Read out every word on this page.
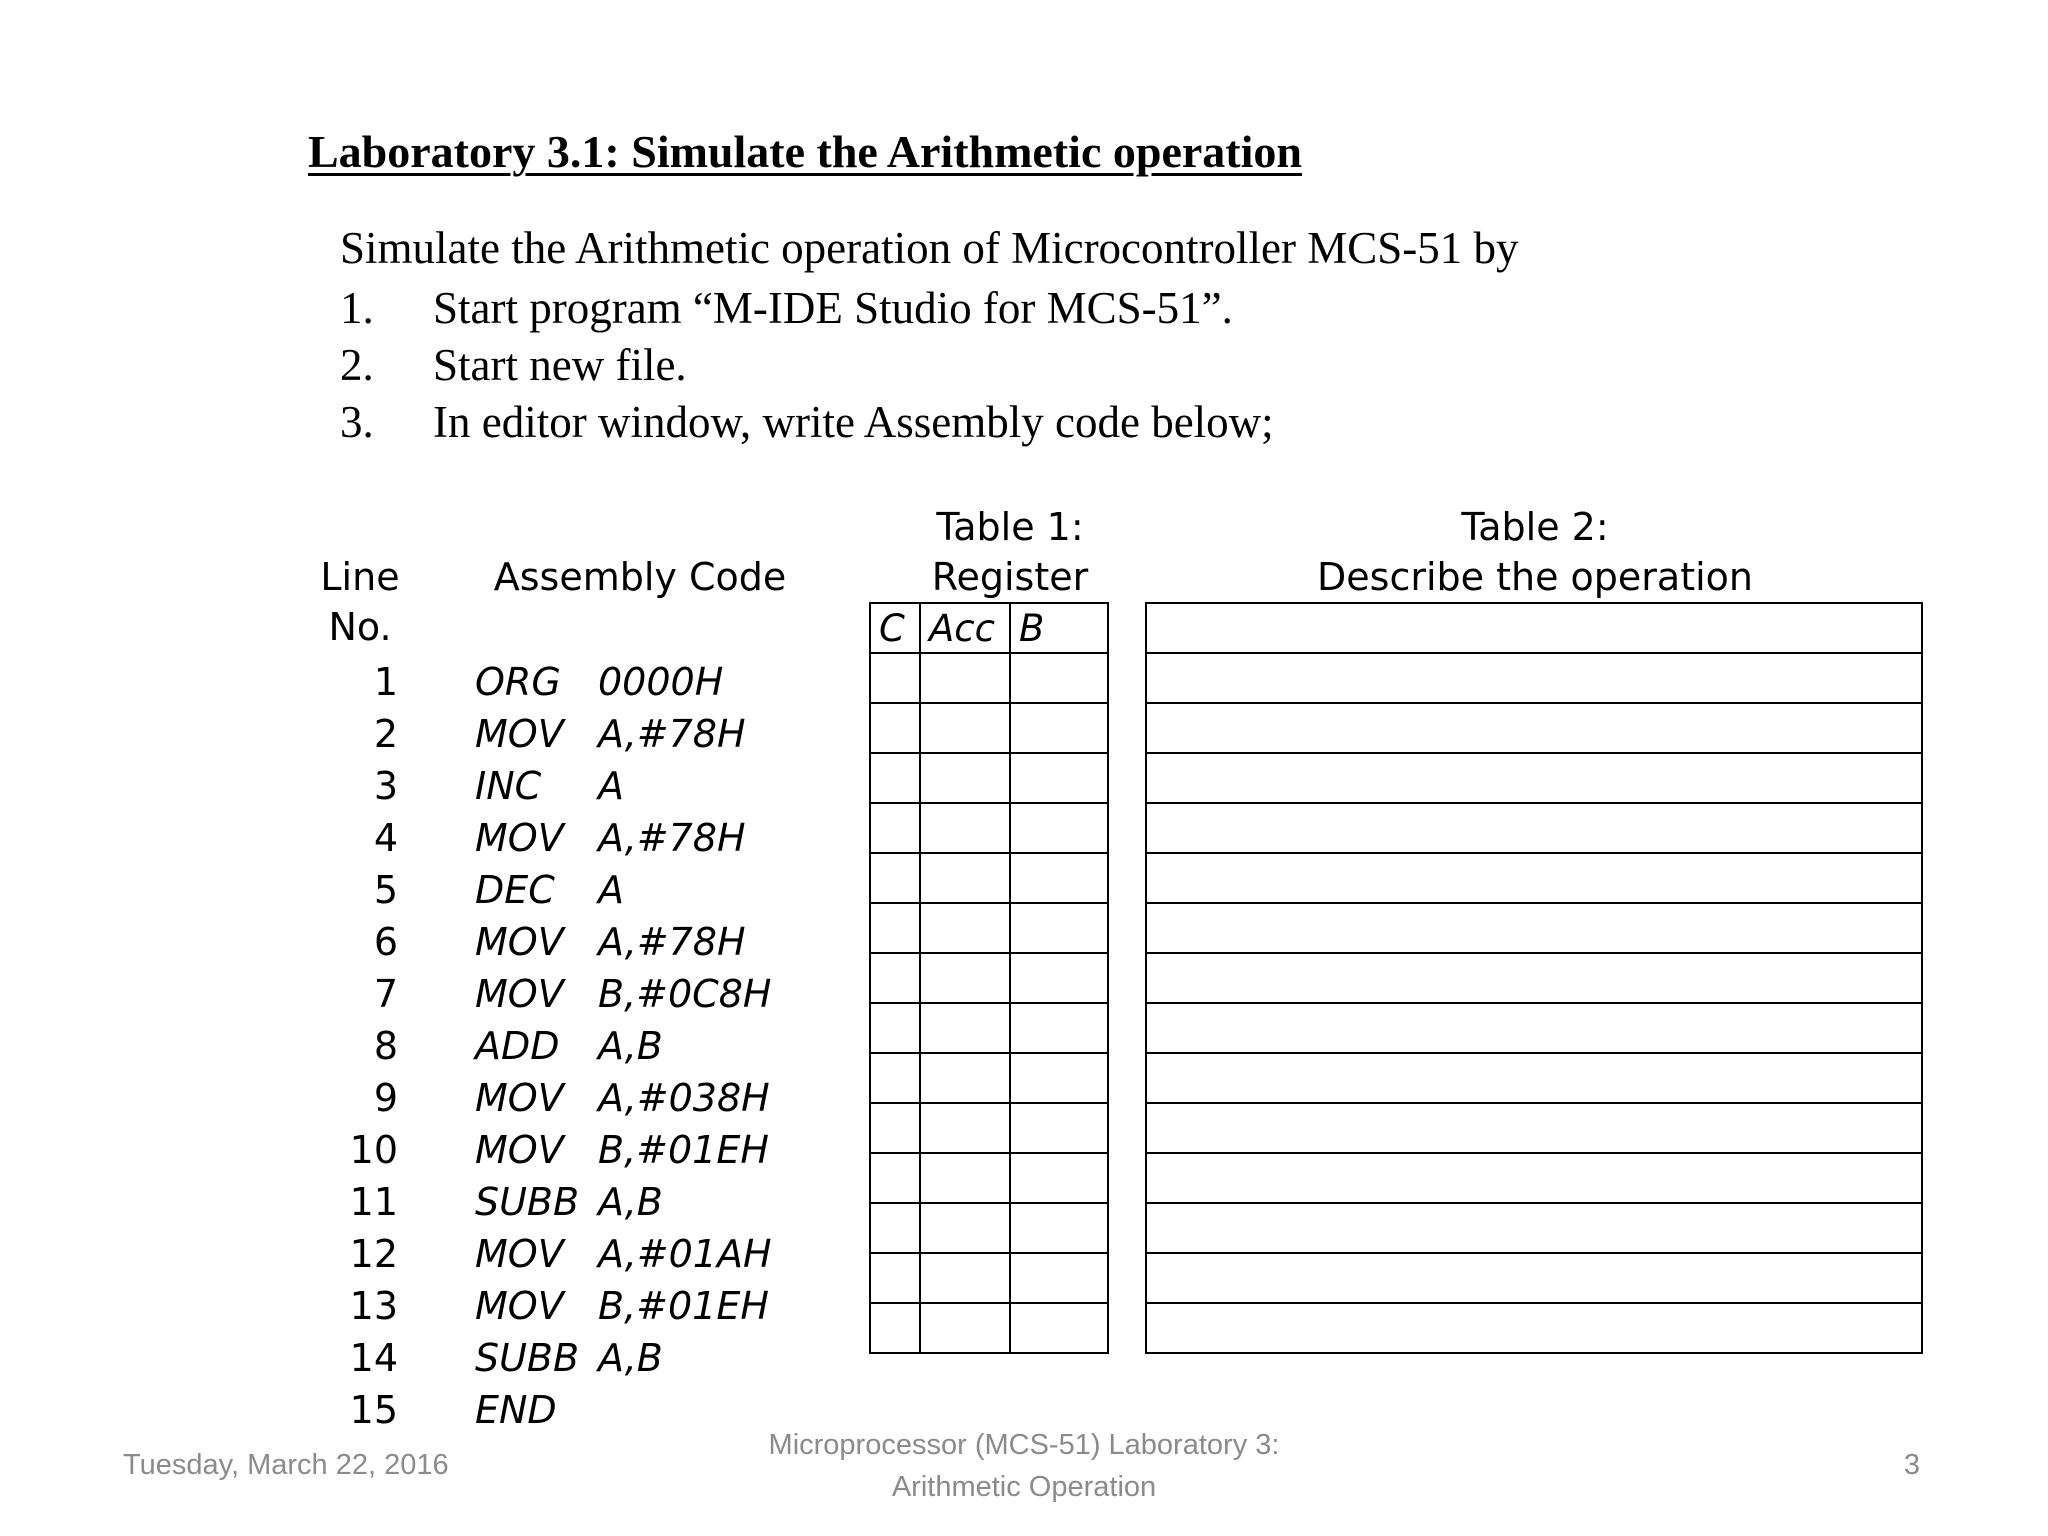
Laboratory 3.1: Simulate the Arithmetic operation
Simulate the Arithmetic operation of Microcontroller MCS-51 by
1. Start program “M-IDE Studio for MCS-51”.
2. Start new file.
3. In editor window, write Assembly code below;
Line
No.
Assembly Code
Table 1:
Register
Table 2:
Describe the operation
1 ORG 0000H
2 MOV A,#78H
3 INC A
4 MOV A,#78H
5 DEC A
6 MOV A,#78H
7 MOV B,#0C8H
8 ADD A,B
9 MOV A,#038H
10 MOV B,#01EH
11 SUBB A,B
12 MOV A,#01AH
13 MOV B,#01EH
14 SUBB A,B
15 END
C	Acc	B

Tuesday, March 22, 2016
Microprocessor (MCS-51) Laboratory 3:
Arithmetic Operation
3
